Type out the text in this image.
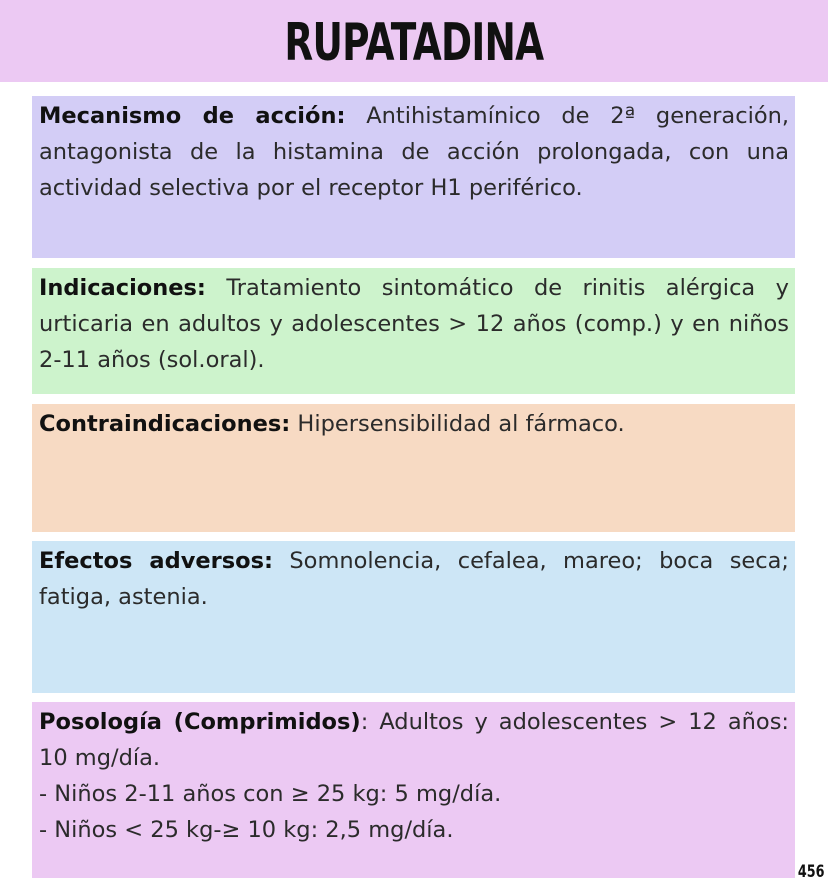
RUPATADINA
Mecanismo de acción: Antihistamínico de 2ª generación, antagonista de la histamina de acción prolongada, con una actividad selectiva por el receptor H1 periférico.
Indicaciones: Tratamiento sintomático de rinitis alérgica y urticaria en adultos y adolescentes > 12 años (comp.) y en niños 2-11 años (sol.oral).
Contraindicaciones: Hipersensibilidad al fármaco.
Efectos adversos: Somnolencia, cefalea, mareo; boca seca; fatiga, astenia.
Posología (Comprimidos): Adultos y adolescentes > 12 años: 10 mg/día.
- Niños 2-11 años con ≥ 25 kg: 5 mg/día.
- Niños < 25 kg-≥ 10 kg: 2,5 mg/día.
456
